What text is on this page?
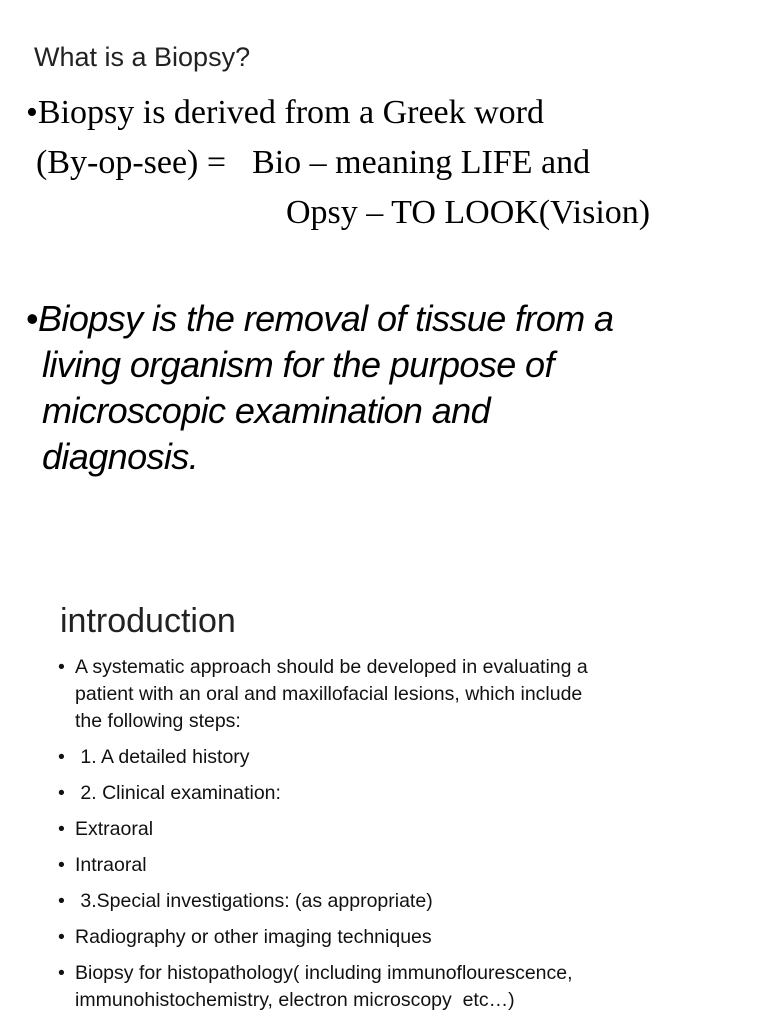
What is a Biopsy?
•Biopsy is derived from a Greek word
(By-op-see) = Bio – meaning LIFE and
Opsy – TO LOOK(Vision)
•Biopsy is the removal of tissue from a
living organism for the purpose of
microscopic examination and
diagnosis.
introduction
• A systematic approach should be developed in evaluating a
patient with an oral and maxillofacial lesions, which include
the following steps:
• 1. A detailed history
• 2. Clinical examination:
• Extraoral
• Intraoral
• 3.Special investigations: (as appropriate)
• Radiography or other imaging techniques
• Biopsy for histopathology( including immunoflourescence,
immunohistochemistry, electron microscopy  etc…)
